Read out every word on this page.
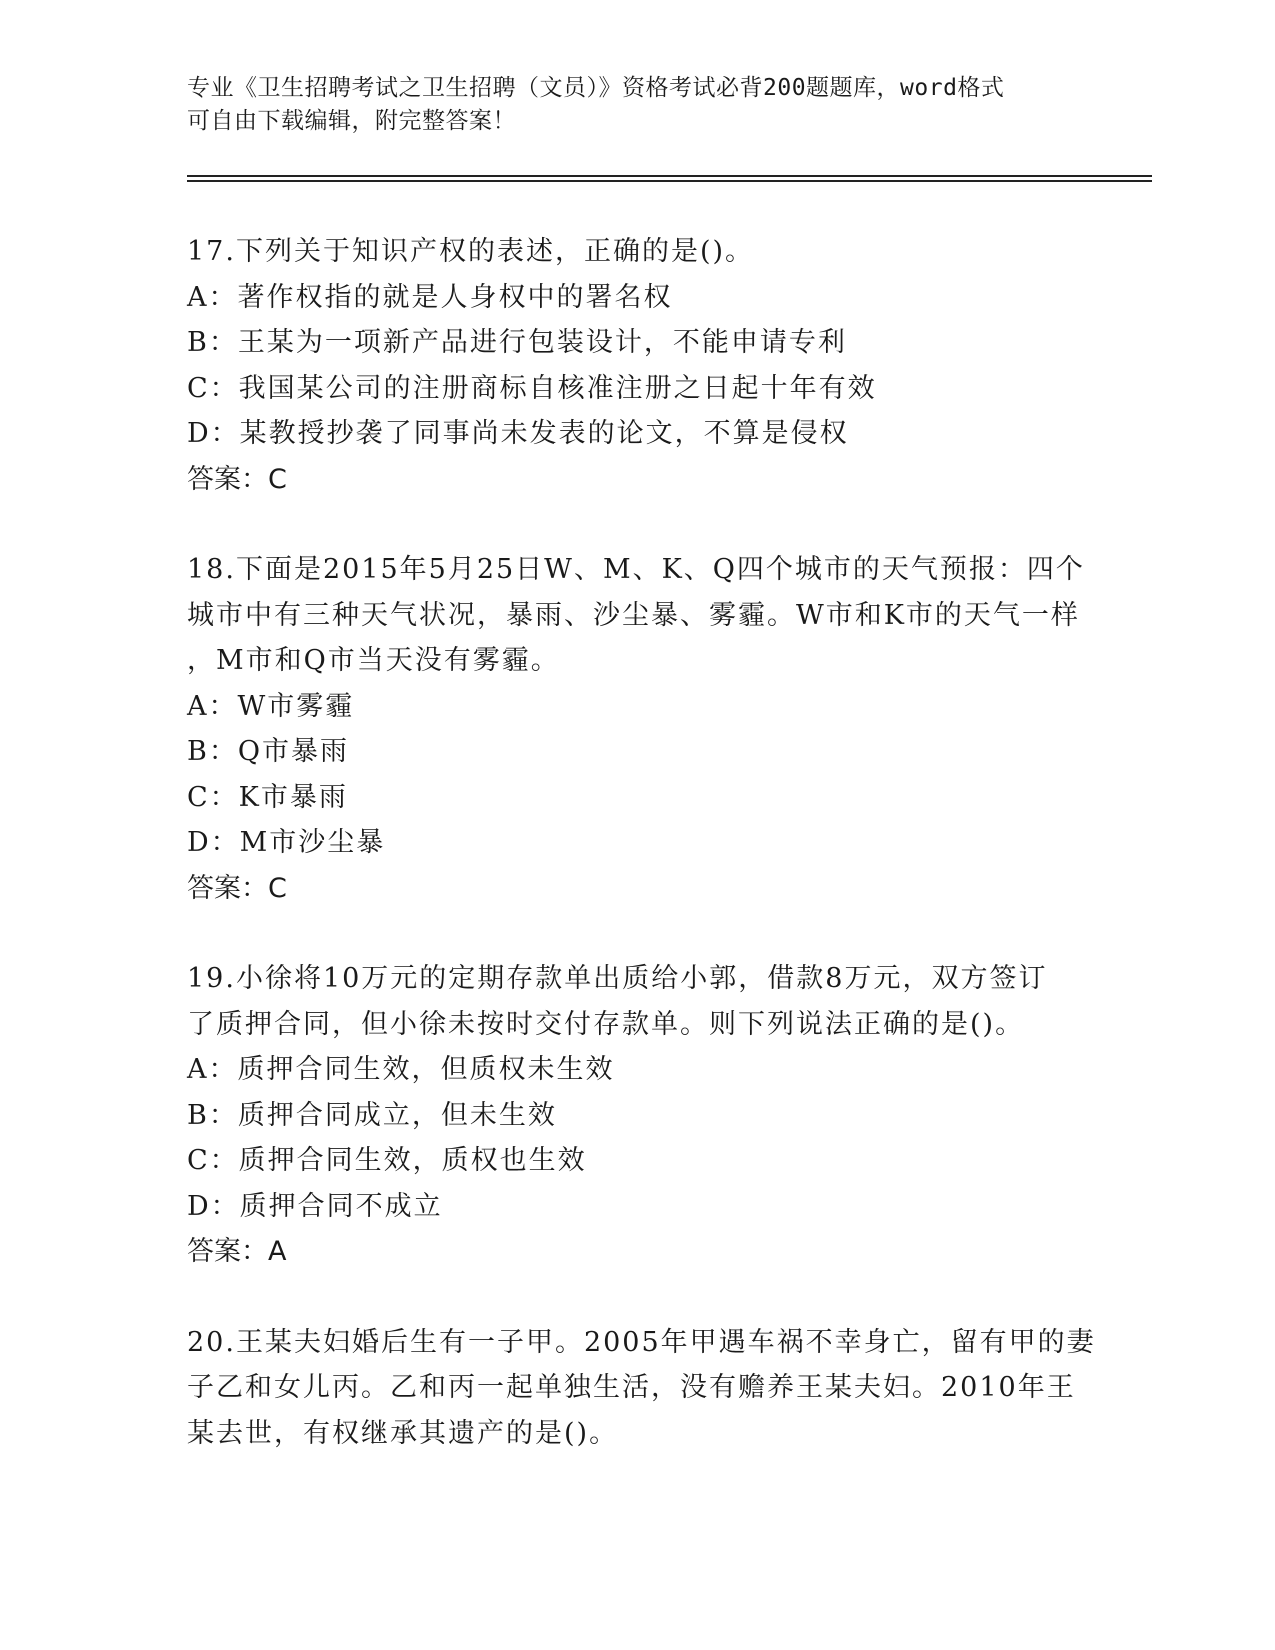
专业《卫生招聘考试之卫生招聘（文员）》资格考试必背200题题库，word格式
可自由下载编辑，附完整答案！
17.下列关于知识产权的表述，正确的是()。
A：著作权指的就是人身权中的署名权
B：王某为一项新产品进行包装设计，不能申请专利
C：我国某公司的注册商标自核准注册之日起十年有效
D：某教授抄袭了同事尚未发表的论文，不算是侵权
答案：C
18.下面是2015年5月25日W、M、K、Q四个城市的天气预报：四个
城市中有三种天气状况，暴雨、沙尘暴、雾霾。W市和K市的天气一样
，M市和Q市当天没有雾霾。
A：W市雾霾
B：Q市暴雨
C：K市暴雨
D：M市沙尘暴
答案：C
19.小徐将10万元的定期存款单出质给小郭，借款8万元，双方签订
了质押合同，但小徐未按时交付存款单。则下列说法正确的是()。
A：质押合同生效，但质权未生效
B：质押合同成立，但未生效
C：质押合同生效，质权也生效
D：质押合同不成立
答案：A
20.王某夫妇婚后生有一子甲。2005年甲遇车祸不幸身亡，留有甲的妻
子乙和女儿丙。乙和丙一起单独生活，没有赡养王某夫妇。2010年王
某去世，有权继承其遗产的是()。
